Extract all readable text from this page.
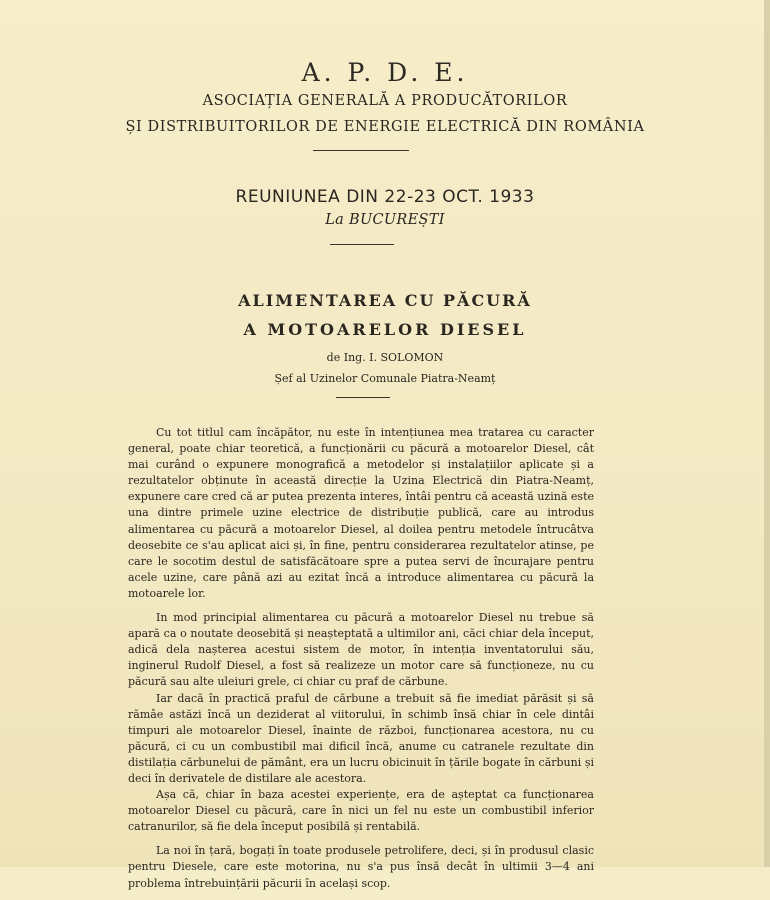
A. P. D. E.
ASOCIAȚIA GENERALĂ A PRODUCĂTORILOR
ȘI DISTRIBUITORILOR DE ENERGIE ELECTRICĂ DIN ROMÂNIA
REUNIUNEA DIN 22-23 OCT. 1933
La BUCUREȘTI
ALIMENTAREA CU PĂCURĂ
A MOTOARELOR DIESEL
de Ing. I. SOLOMON
Șef al Uzinelor Comunale Piatra-Neamț

Cu tot titlul cam încăpător, nu este în intențiunea mea tratarea cu caracter general, poate chiar teoretică, a funcționării cu păcură a motoarelor Diesel, cât mai curând o expunere monografică a metodelor și instalațiilor aplicate și a rezultatelor obținute în această direcție la Uzina Electrică din Piatra-Neamț, expunere care cred că ar putea prezenta interes, întâi pentru că această uzină este una dintre primele uzine electrice de distribuție publică, care au introdus alimentarea cu păcură a motoarelor Diesel, al doilea pentru metodele întrucâtva deosebite ce s'au aplicat aici și, în fine, pentru considerarea rezultatelor atinse, pe care le socotim destul de satisfăcătoare spre a putea servi de încurajare pentru acele uzine, care până azi au ezitat încă a introduce alimentarea cu păcură la motoarele lor.

In mod principial alimentarea cu păcură a motoarelor Diesel nu trebue să apară ca o noutate deosebită și neașteptată a ultimilor ani, căci chiar dela început, adică dela nașterea acestui sistem de motor, în intenția inventatorului său, inginerul Rudolf Diesel, a fost să realizeze un motor care să funcționeze, nu cu păcură sau alte uleiuri grele, ci chiar cu praf de cărbune.

Iar dacă în practică praful de cărbune a trebuit să fie imediat părăsit și să rămâe astăzi încă un deziderat al viitorului, în schimb însă chiar în cele dintâi timpuri ale motoarelor Diesel, înainte de război, funcționarea acestora, nu cu păcură, ci cu un combustibil mai dificil încă, anume cu catranele rezultate din distilația cărbunelui de pământ, era un lucru obicinuit în țările bogate în cărbuni și deci în derivatele de distilare ale acestora.

Așa că, chiar în baza acestei experiențe, era de așteptat ca funcționarea motoarelor Diesel cu păcură, care în nici un fel nu este un combustibil inferior catranurilor, să fie dela început posibilă și rentabilă.

La noi în țară, bogați în toate produsele petrolifere, deci, și în produsul clasic pentru Diesele, care este motorina, nu s'a pus însă decât în ultimii 3—4 ani problema întrebuințării păcurii în același scop.
